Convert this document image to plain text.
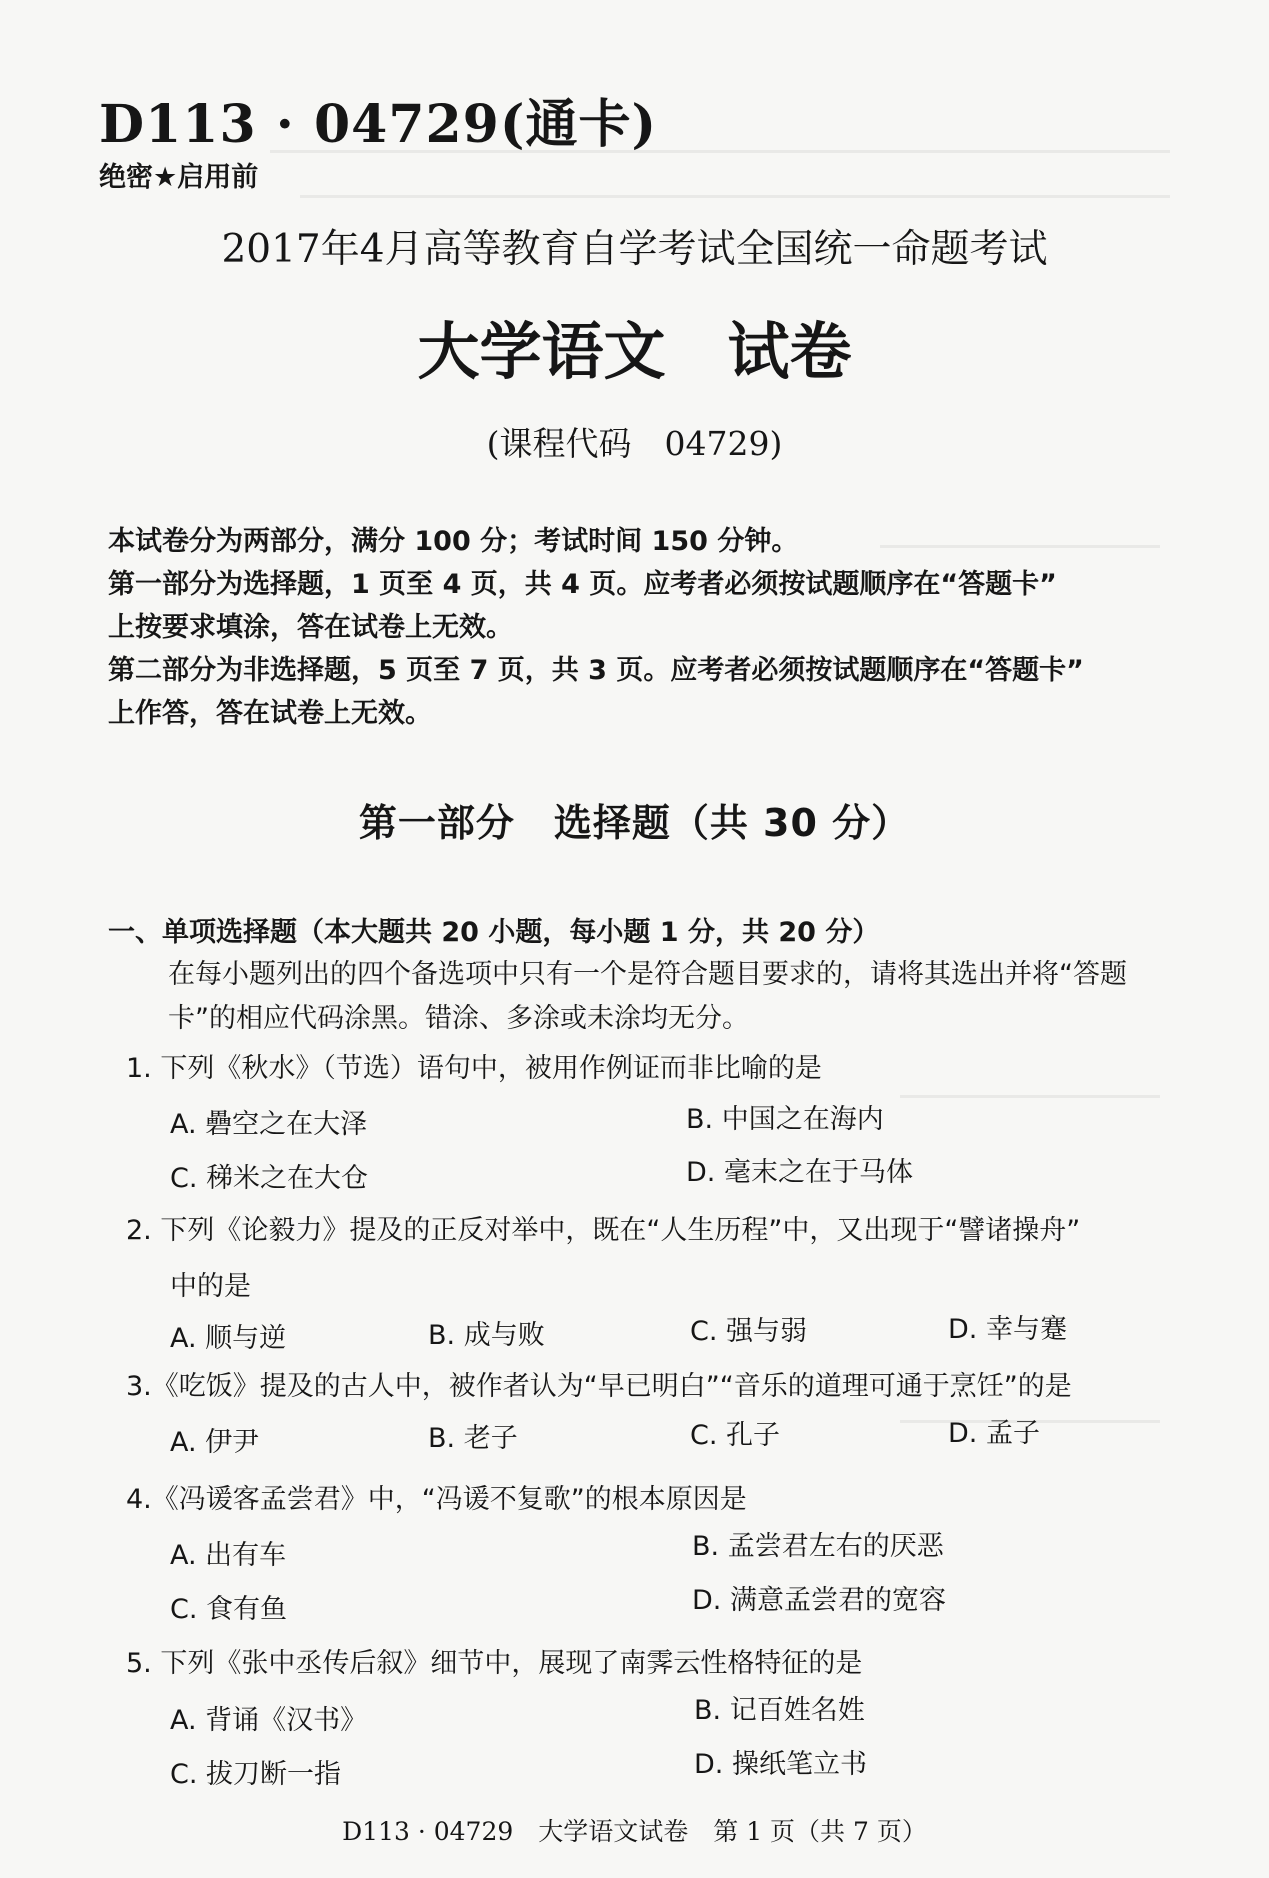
D113 · 04729(通卡)
绝密★启用前
2017年4月高等教育自学考试全国统一命题考试
大学语文　试卷
(课程代码　04729)

本试卷分为两部分，满分 100 分；考试时间 150 分钟。

第一部分为选择题，1 页至 4 页，共 4 页。应考者必须按试题顺序在“答题卡”

上按要求填涂，答在试卷上无效。

第二部分为非选择题，5 页至 7 页，共 3 页。应考者必须按试题顺序在“答题卡”

上作答，答在试卷上无效。

第一部分　选择题（共 30 分）
一、单项选择题（本大题共 20 小题，每小题 1 分，共 20 分）

在每小题列出的四个备选项中只有一个是符合题目要求的，请将其选出并将“答题

卡”的相应代码涂黑。错涂、多涂或未涂均无分。

1. 下列《秋水》（节选）语句中，被用作例证而非比喻的是
A. 礨空之在大泽	B. 中国之在海内
C. 稊米之在大仓	D. 毫末之在于马体
2. 下列《论毅力》提及的正反对举中，既在“人生历程”中，又出现于“譬诸操舟”
中的是
A. 顺与逆	B. 成与败	C. 强与弱	D. 幸与蹇
3.《吃饭》提及的古人中，被作者认为“早已明白”“音乐的道理可通于烹饪”的是
A. 伊尹	B. 老子	C. 孔子	D. 孟子
4.《冯谖客孟尝君》中，“冯谖不复歌”的根本原因是
A. 出有车	B. 孟尝君左右的厌恶
C. 食有鱼	D. 满意孟尝君的宽容
5. 下列《张中丞传后叙》细节中，展现了南霁云性格特征的是
A. 背诵《汉书》	B. 记百姓名姓
C. 拔刀断一指	D. 操纸笔立书
D113 · 04729　大学语文试卷　第 1 页（共 7 页）
